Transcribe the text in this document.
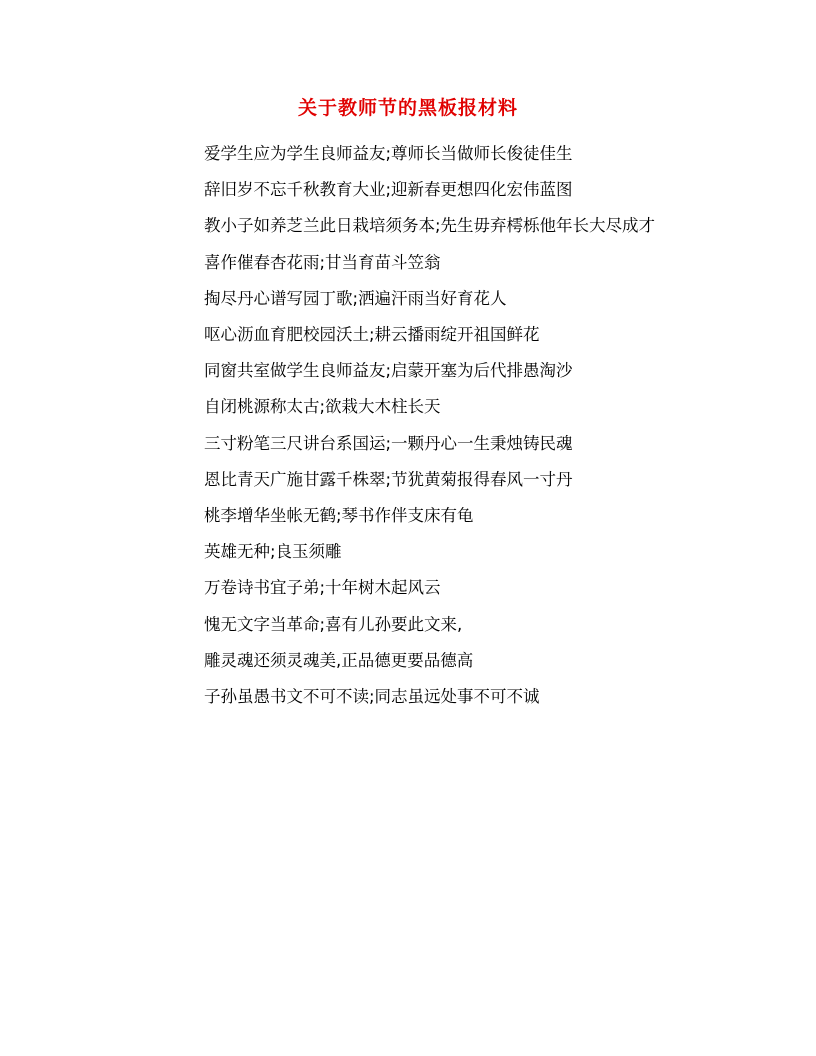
关于教师节的黑板报材料

爱学生应为学生良师益友;尊师长当做师长俊徒佳生

辞旧岁不忘千秋教育大业;迎新春更想四化宏伟蓝图

教小子如养芝兰此日栽培须务本;先生毋弃樗栎他年长大尽成才

喜作催春杏花雨;甘当育苗斗笠翁

掏尽丹心谱写园丁歌;洒遍汗雨当好育花人

呕心沥血育肥校园沃土;耕云播雨绽开祖国鲜花

同窗共室做学生良师益友;启蒙开塞为后代排愚淘沙

自闭桃源称太古;欲栽大木柱长天

三寸粉笔三尺讲台系国运;一颗丹心一生秉烛铸民魂

恩比青天广施甘露千株翠;节犹黄菊报得春风一寸丹

桃李增华坐帐无鹤;琴书作伴支床有龟

英雄无种;良玉须雕

万卷诗书宜子弟;十年树木起风云

愧无文字当革命;喜有儿孙要此文来,

雕灵魂还须灵魂美,正品德更要品德高

子孙虽愚书文不可不读;同志虽远处事不可不诚
